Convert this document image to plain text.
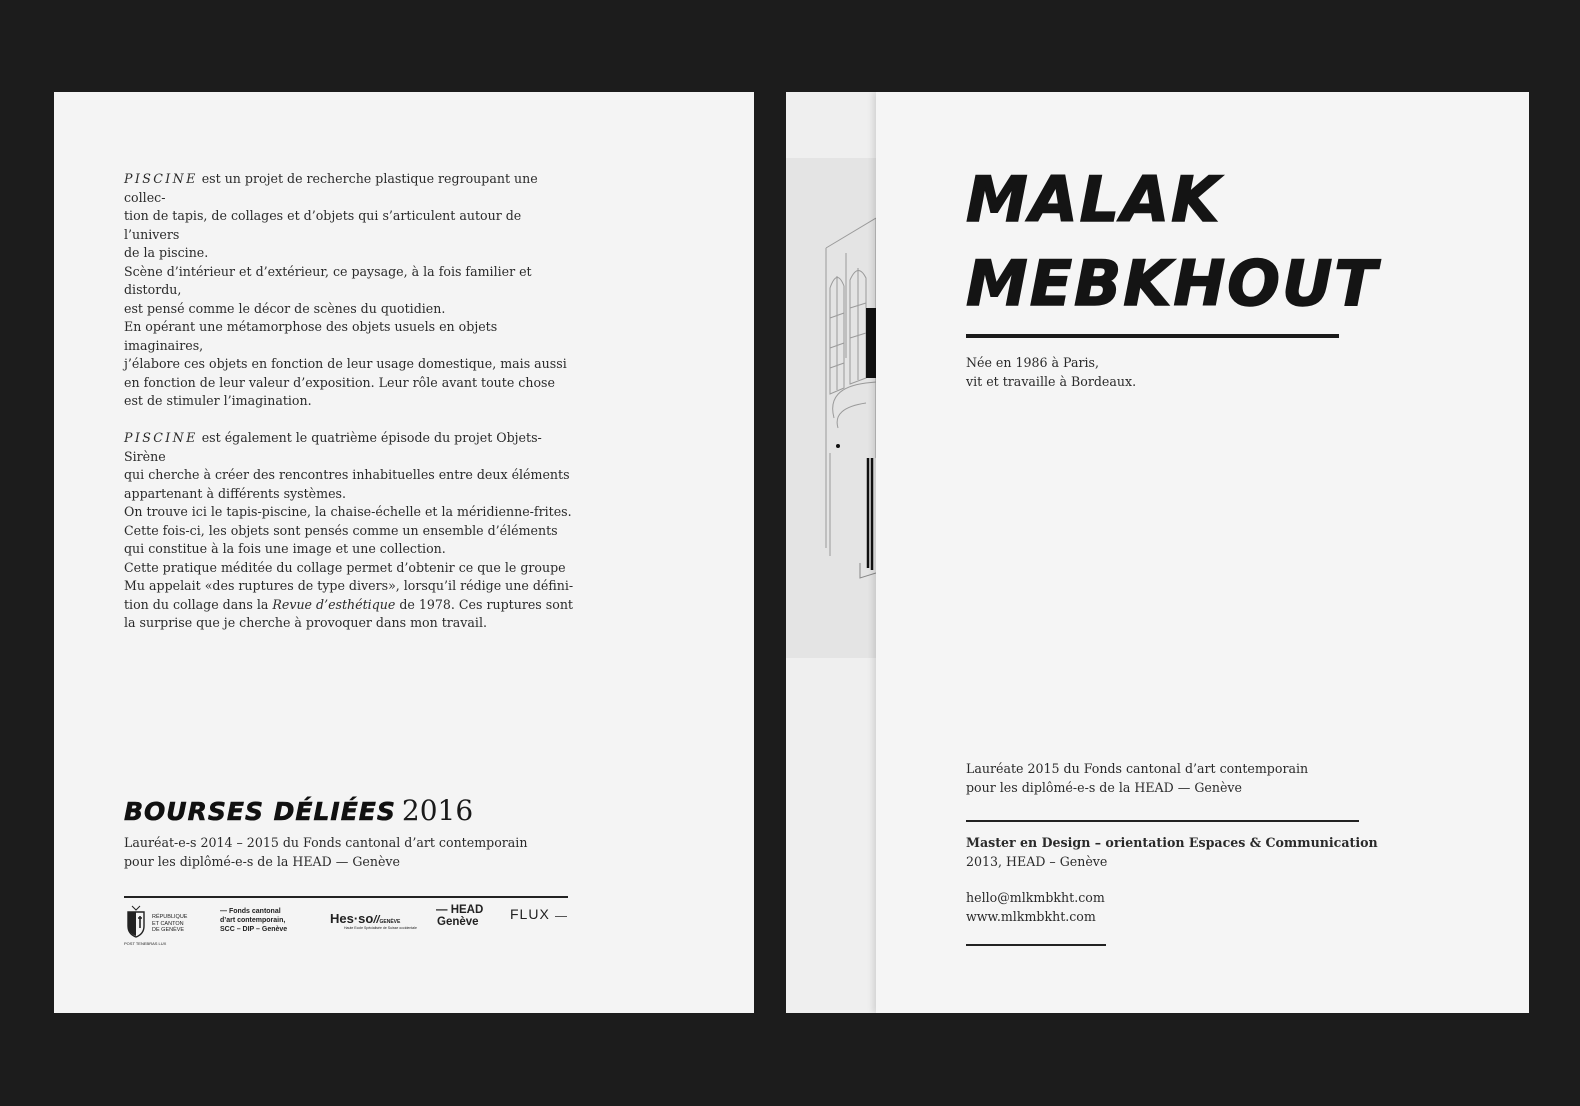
PISCINE est un projet de recherche plastique regroupant une collec-

tion de tapis, de collages et d’objets qui s’articulent autour de l’univers

de la piscine.

Scène d’intérieur et d’extérieur, ce paysage, à la fois familier et distordu,

est pensé comme le décor de scènes du quotidien.

En opérant une métamorphose des objets usuels en objets imaginaires,

j’élabore ces objets en fonction de leur usage domestique, mais aussi

en fonction de leur valeur d’exposition. Leur rôle avant toute chose

est de stimuler l’imagination.

PISCINE est également le quatrième épisode du projet Objets-Sirène

qui cherche à créer des rencontres inhabituelles entre deux éléments

appartenant à différents systèmes.

On trouve ici le tapis-piscine, la chaise-échelle et la méridienne-frites.

Cette fois-ci, les objets sont pensés comme un ensemble d’éléments

qui constitue à la fois une image et une collection.

Cette pratique méditée du collage permet d’obtenir ce que le groupe

Mu appelait «des ruptures de type divers», lorsqu’il rédige une défini-

tion du collage dans la Revue d’esthétique de 1978. Ces ruptures sont

la surprise que je cherche à provoquer dans mon travail.

BOURSES DÉLIÉES 2016
Lauréat-e-s 2014 – 2015 du Fonds cantonal d’art contemporain
pour les diplômé-e-s de la HEAD — Genève
RÉPUBLIQUE
ET CANTON
DE GENÈVE
POST TENEBRAS LUX
— Fonds cantonal
d’art contemporain,
SCC – DIP – Genève
Hes·so//GENÈVE
Haute Ecole Spécialisée de Suisse occidentale
— HEAD
Genève	FLUX
MALAK
MEBKHOUT
Née en 1986 à Paris,
vit et travaille à Bordeaux.
Lauréate 2015 du Fonds cantonal d’art contemporain
pour les diplômé-e-s de la HEAD — Genève
Master en Design – orientation Espaces & Communication
2013, HEAD – Genève
hello@mlkmbkht.com
www.mlkmbkht.com
